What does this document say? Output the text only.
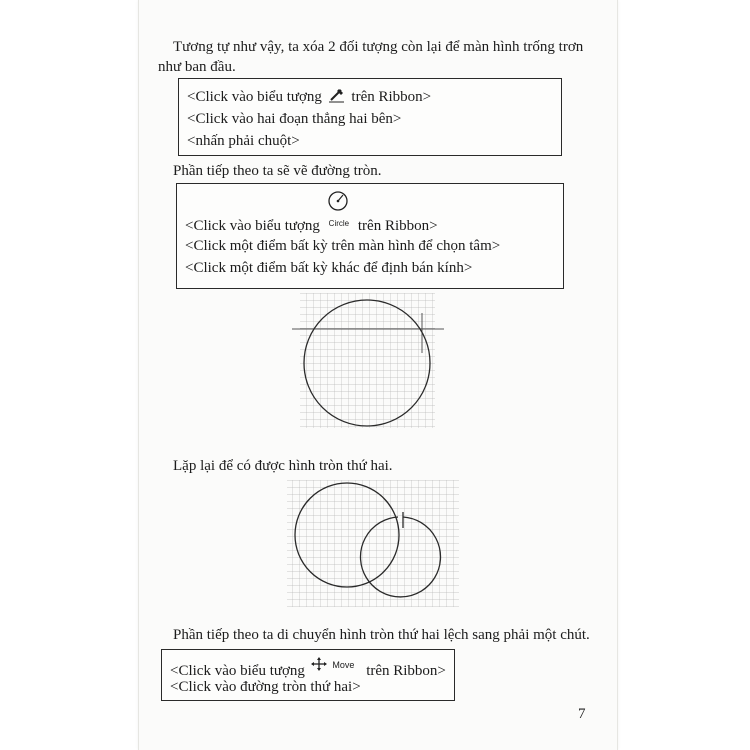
Tương tự như vậy, ta xóa 2 đối tượng còn lại để màn hình trống trơn
như ban đầu.
<Click vào biểu tượng trên Ribbon>
<Click vào hai đoạn thẳng hai bên>
<nhấn phải chuột>
Phần tiếp theo ta sẽ vẽ đường tròn.
<Click vào biểu tượng $^{Circle}$ trên Ribbon>
<Click một điểm bất kỳ trên màn hình để chọn tâm>
<Click một điểm bất kỳ khác để định bán kính>
Lặp lại để có được hình tròn thứ hai.
Phần tiếp theo ta di chuyển hình tròn thứ hai lệch sang phải một chút.
<Click vào biểu tượng	$^{Move}$ trên Ribbon>
<Click vào đường tròn thứ hai>
7
